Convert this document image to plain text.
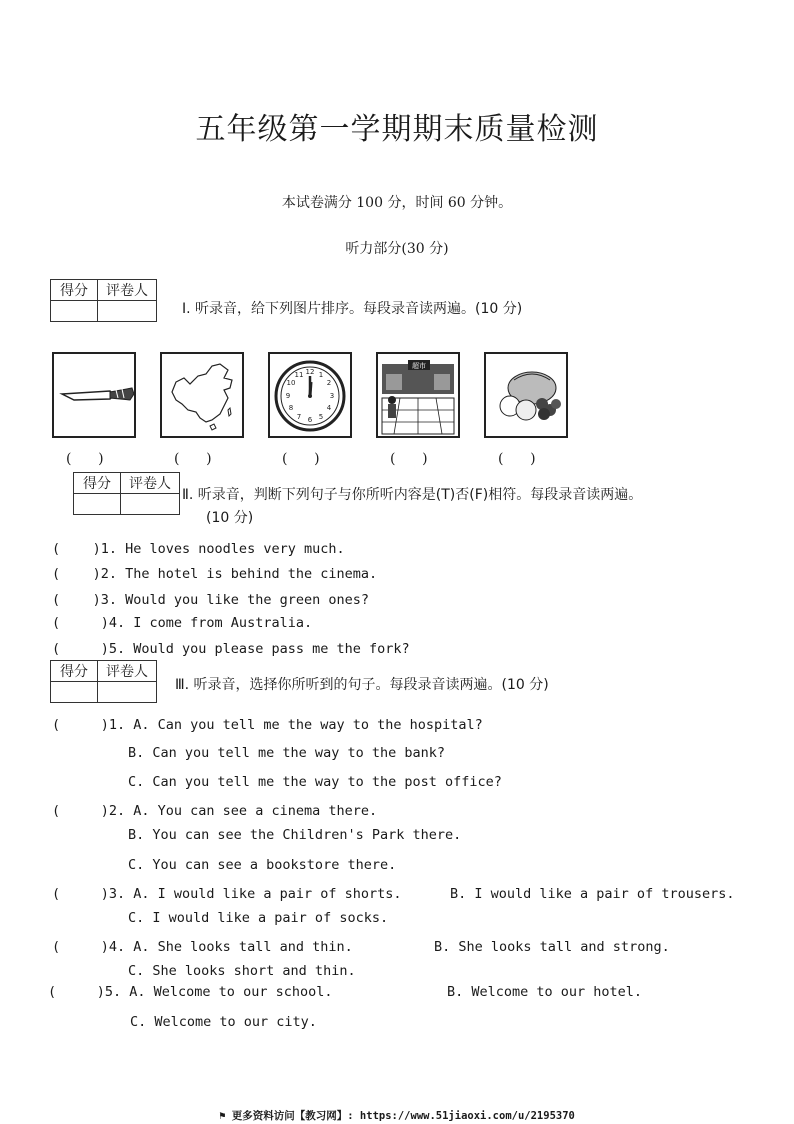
五年级第一学期期末质量检测
本试卷满分 100 分，时间 60 分钟。
听力部分(30 分)
得分	评卷人

Ⅰ. 听录音，给下列图片排序。每段录音读两遍。(10 分)
12 1
2
3
4
5
6
7
8
9
10
11
超市
(      )	(      )	(      )	(      )	(      )
得分	评卷人

Ⅱ. 听录音，判断下列句子与你所听内容是(T)否(F)相符。每段录音读两遍。
(10 分)
(    )1. He loves noodles very much.
(    )2. The hotel is behind the cinema.
(    )3. Would you like the green ones?
(     )4. I come from Australia.
(     )5. Would you please pass me the fork?
得分	评卷人

Ⅲ. 听录音，选择你所听到的句子。每段录音读两遍。(10 分)
(     )1. A. Can you tell me the way to the hospital?
B. Can you tell me the way to the bank?
C. Can you tell me the way to the post office?
(     )2. A. You can see a cinema there.
B. You can see the Children's Park there.
C. You can see a bookstore there.
(     )3. A. I would like a pair of shorts.	B. I would like a pair of trousers.
C. I would like a pair of socks.
(     )4. A. She looks tall and thin.	B. She looks tall and strong.
C. She looks short and thin.
(     )5. A. Welcome to our school.	B. Welcome to our hotel.
C. Welcome to our city.
⚑ 更多资料访问【教习网】: https://www.51jiaoxi.com/u/2195370
